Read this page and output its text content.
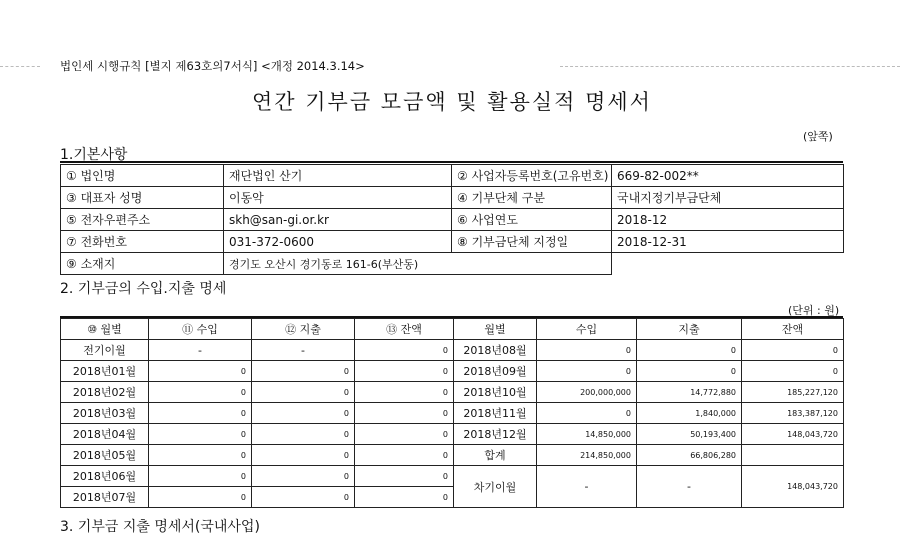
법인세 시행규칙 [별지 제63호의7서식] <개정 2014.3.14>
연간 기부금 모금액 및 활용실적 명세서
(앞쪽)
1.기본사항
① 법인명	재단법인 산기	② 사업자등록번호(고유번호)	669-82-002**
③ 대표자 성명	이동악	④ 기부단체 구분	국내지정기부금단체
⑤ 전자우편주소	skh@san-gi.or.kr	⑥ 사업연도	2018-12
⑦ 전화번호	031-372-0600	⑧ 기부금단체 지정일	2018-12-31
⑨ 소재지	경기도 오산시 경기동로 161-6(부산동)		
2. 기부금의 수입.지출 명세
(단위 : 원)
⑩ 월별	⑪ 수입	⑫ 지출	⑬ 잔액	월별	수입	지출	잔액
전기이월	-	-	0	2018년08월	0	0	0
2018년01월	0	0	0	2018년09월	0	0	0
2018년02월	0	0	0	2018년10월	200,000,000	14,772,880	185,227,120
2018년03월	0	0	0	2018년11월	0	1,840,000	183,387,120
2018년04월	0	0	0	2018년12월	14,850,000	50,193,400	148,043,720
2018년05월	0	0	0	합계	214,850,000	66,806,280	
2018년06월	0	0	0	차기이월	-	-	148,043,720
2018년07월	0	0	0				
3. 기부금 지출 명세서(국내사업)
